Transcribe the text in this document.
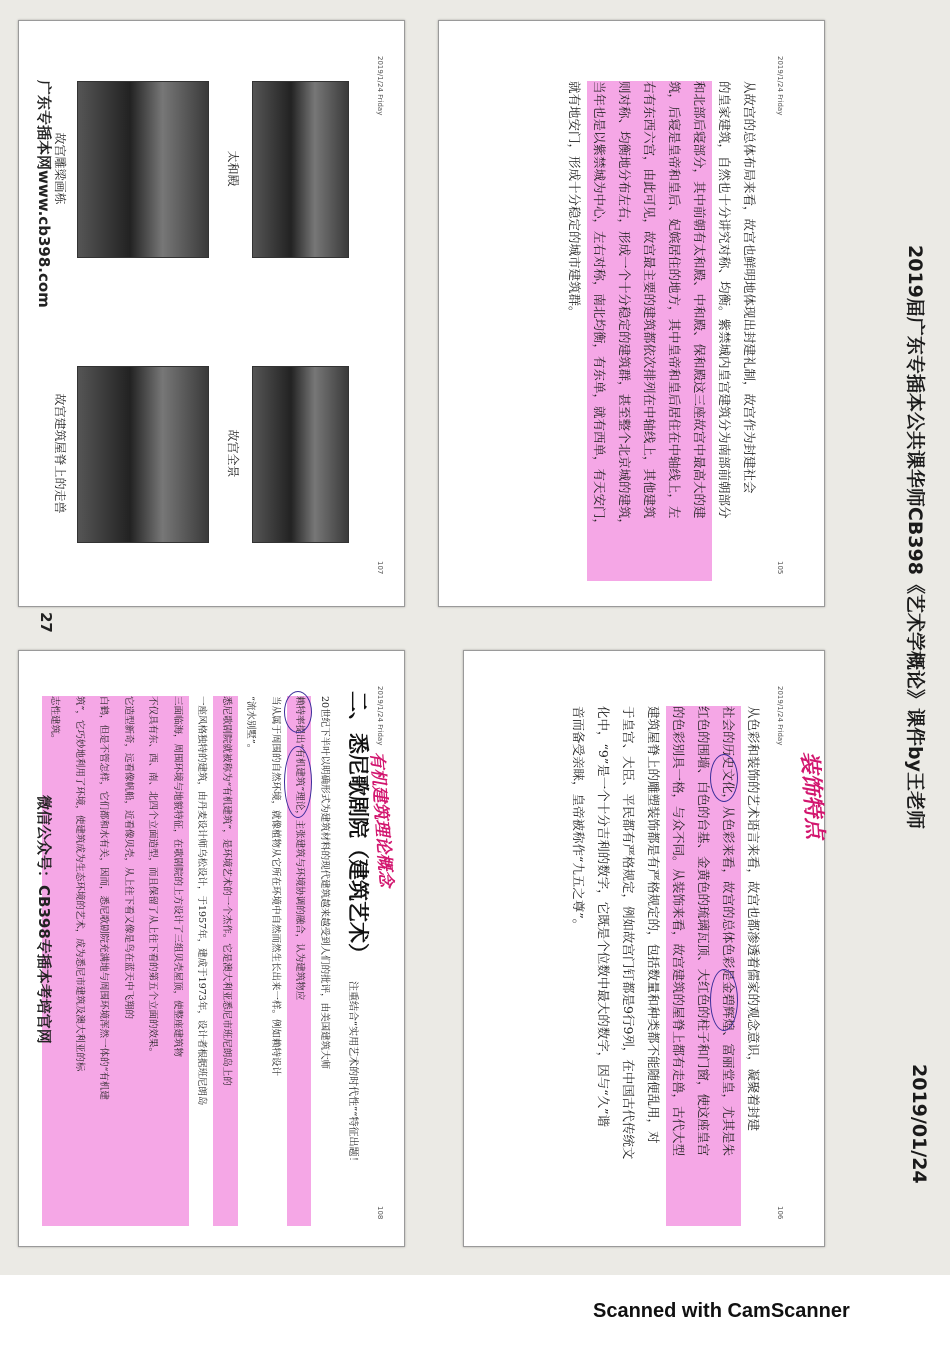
2019届广东专插本公共课华师CB398《艺术学概论》课件by王老师
2019/01/24
2019/1/24 Friday
105
从故宫的总体布局来看，故宫也鲜明地体现出封建礼制，故宫作为封建社会
的皇家建筑，自然也十分讲究对称、均衡。紫禁城内皇宫建筑分为南部前朝部分
和北部后寝部分，其中前朝有太和殿、中和殿、保和殿这三座故宫中最高大的建
筑，后寝是皇帝和皇后、妃嫔居住的地方，其中皇帝和皇后居住在中轴线上，左
右有东西六宫，由此可见，故宫最主要的建筑都依次排列在中轴线上，其他建筑
则对称、均衡地分布左右，形成一个十分稳定的建筑群，甚至整个北京城的建筑，
当年也是以紫禁城为中心，左右对称，南北均衡，有东单，就有西单，有天安门，
就有地安门，形成十分稳定的城市建筑群。
2019/1/24 Friday
107
太和殿
故宫全景
故宫雕梁画栋
故宫建筑屋脊上的走兽
2019/1/24 Friday
106
装饰特点
从色彩和装饰的艺术语言来看，故宫也都渗透着儒家的观念意识，凝聚着封建
社会的历史文化，从色彩来看，故宫的总体色彩是金碧辉煌、富丽堂皇，尤其是朱
红色的围墙、白色的台基、金黄色的琉璃瓦顶、大红色的柱子和门窗，使这座皇宫
的色彩别具一格，与众不同。从装饰来看，故宫建筑的屋脊上都有走兽，古代大型
建筑屋脊上的雕塑装饰都是有严格规定的，包括数量和种类都不能随便乱用，对
于皇宫、大臣、平民都有严格规定，例如故宫门钉都是9行9列，在中国古代传统文
化中，“9”是一个十分吉利的数字，它既是个位数中最大的数字，因与“久”谐
音而备受亲睐，皇帝被称作“九五之尊”。
2019/1/24 Friday
108
有机建筑理论概念
二、悉尼歌剧院（建筑艺术）
注重结合“实用艺术的时代性”“特征出题！
20世纪下半叶以明确形式为建筑材料的现代建筑越来越受到人们的批评，由美国建筑大师
赖特率提出“有机建筑”理论，主张建筑与环境协调的融合，认为建筑物应
当从属于周围的自然环境，就像植物从它所在环境中自然而然生长出来一样。例如赖特设计
“流水别墅”。
悉尼歌剧院就被称为“有机建筑”，是环境艺术的一个杰作。它是澳大利亚悉尼市班尼朗岛上的
一座风格独特的建筑，由丹麦设计师乌松设计，于1957年，建成于1973年，设计者根据班尼朗岛
三面临海，周围环境与地貌特征，在歌剧院的上方设计了三组贝壳屋顶，使整座建筑物
不仅具有东、西、南、北四个立面造型，而且保留了从上往下看的第五个立面的效果。
它造型新奇，远看像帆船，近看像贝壳，从上往下看又像是鸟在蓝天中飞翔的
白鹤，但是不管怎样，它们都和水有关，因而，悉尼歌剧院充满地与周围环境浑然一体的“有机建
筑”，它巧妙地利用了环境，使建筑成为生态环境的艺术，成为悉尼市建筑及澳大利亚的标
志性建筑。
广东专插本网www.cb398.com
27
微信公众号：CB398专插本考培官网
Scanned with CamScanner
